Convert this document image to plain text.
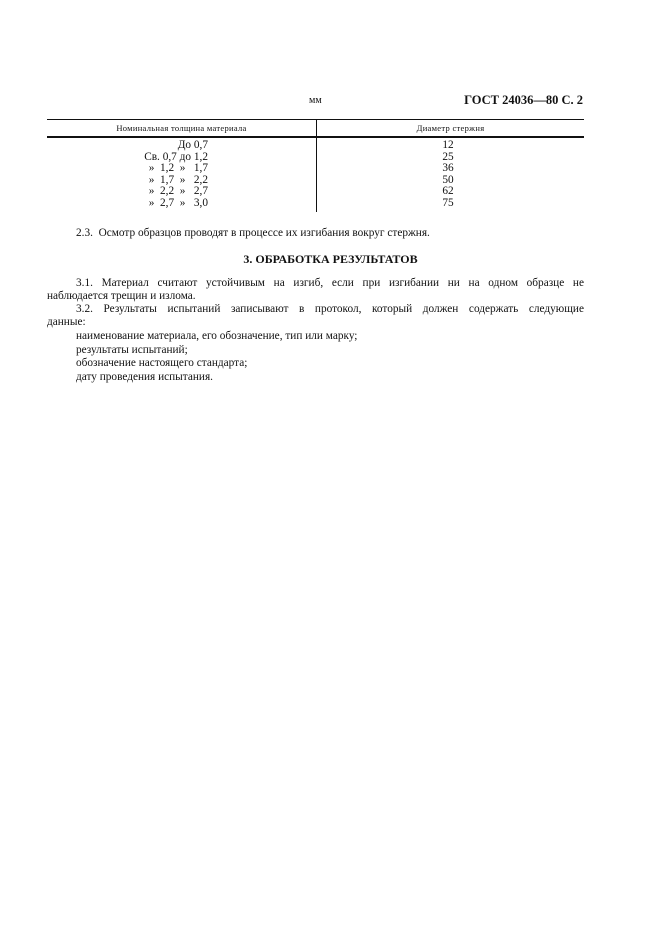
ГОСТ 24036—80 С. 2
мм
Номинальная толщина материала	Диаметр стержня
До 0,7	12
Св. 0,7 до 1,2	25
»  1,2  »   1,7	36
»  1,7  »   2,2	50
»  2,2  »   2,7	62
»  2,7  »   3,0	75
2.3.  Осмотр образцов проводят в процессе их изгибания вокруг стержня.
3. ОБРАБОТКА РЕЗУЛЬТАТОВ
3.1. Материал считают устойчивым на изгиб, если при изгибании ни на одном образце не
наблюдается трещин и излома.
3.2. Результаты испытаний записывают в протокол, который должен содержать следующие
данные:
наименование материала, его обозначение, тип или марку;
результаты испытаний;
обозначение настоящего стандарта;
дату проведения испытания.
